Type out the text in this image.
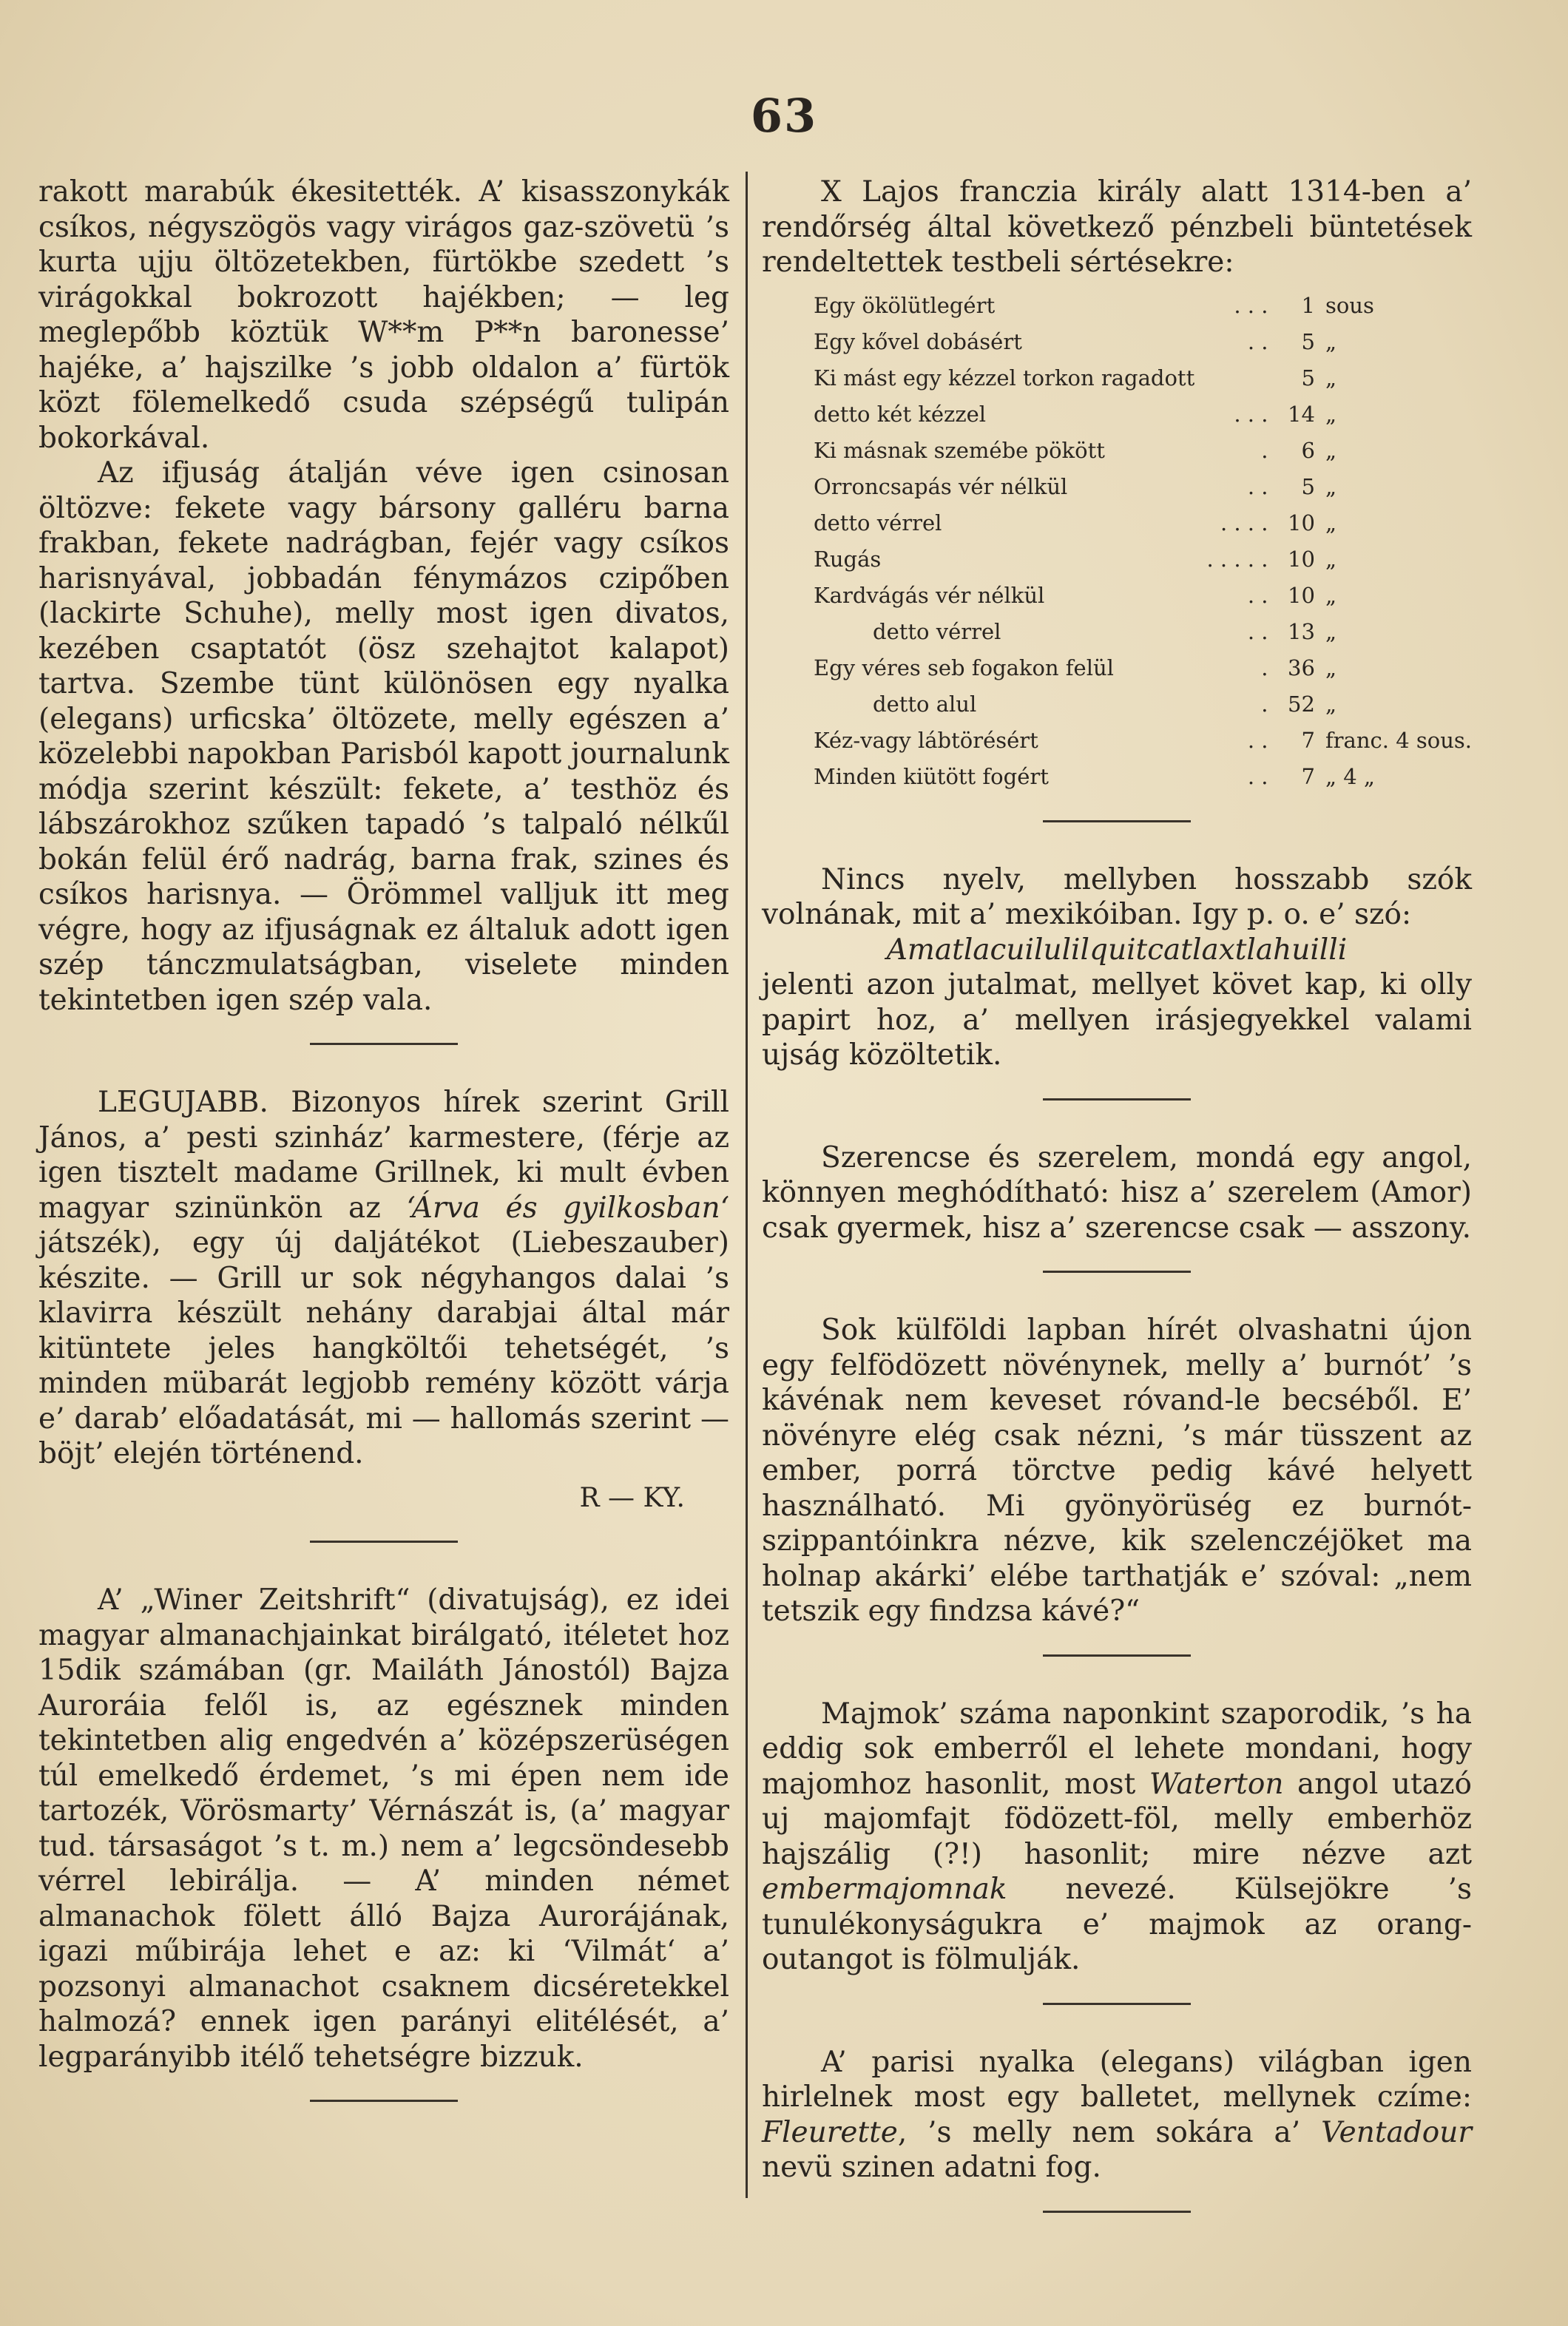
63

rakott marabúk ékesitették. A’ kisasszonykák csíkos, négyszögös vagy virágos gaz-szövetü ’s kurta ujju öltözetekben, fürtökbe szedett ’s virágokkal bokrozott hajékben; — leg meglepőbb köztük W**m P**n baronesse’ hajéke, a’ hajszilke ’s jobb oldalon a’ fürtök közt fölemelkedő csuda szépségű tulipán bokorkával.

Az ifjuság átalján véve igen csinosan öltözve: fekete vagy bársony galléru barna frakban, fekete nadrágban, fejér vagy csíkos harisnyával, jobbadán fénymázos czipőben (lackirte Schuhe), melly most igen divatos, kezében csaptatót (ösz szehajtot kalapot) tartva. Szembe tünt különösen egy nyalka (elegans) urficska’ öltözete, melly egészen a’ közelebbi napokban Parisból kapott journalunk módja szerint készült: fekete, a’ testhöz és lábszárokhoz szűken tapadó ’s talpaló nélkűl bokán felül érő nadrág, barna frak, szines és csíkos harisnya. — Örömmel valljuk itt meg végre, hogy az ifjuságnak ez általuk adott igen szép tánczmulatságban, viselete minden tekintetben igen szép vala.

LEGUJABB. Bizonyos hírek szerint Grill János, a’ pesti szinház’ karmestere, (férje az igen tisztelt madame Grillnek, ki mult évben magyar szinünkön az ‘Árva és gyilkosban‘ játszék), egy új daljátékot (Liebeszauber) készite. — Grill ur sok négyhangos dalai ’s klavirra készült nehány darabjai által már kitüntete jeles hangköltői tehetségét, ’s minden mübarát legjobb remény között várja e’ darab’ előadatását, mi — hallomás szerint — böjt’ elején történend.

R — KY.

A’ „Winer Zeitshrift“ (divatujság), ez idei magyar almanachjainkat birálgató, itéletet hoz 15dik számában (gr. Mailáth Jánostól) Bajza Auroráia felől is, az egésznek minden tekintetben alig engedvén a’ középszerüségen túl emelkedő érdemet, ’s mi épen nem ide tartozék, Vörösmarty’ Vérnászát is, (a’ magyar tud. társaságot ’s t. m.) nem a’ legcsöndesebb vérrel lebirálja. — A’ minden német almanachok fölett álló Bajza Aurorájának, igazi műbirája lehet e az: ki ‘Vilmát‘ a’ pozsonyi almanachot csaknem dicséretekkel halmozá? ennek igen parányi elitélését, a’ legparányibb itélő tehetségre bizzuk.

X Lajos franczia király alatt 1314-ben a’ rendőrség által következő pénzbeli büntetések rendeltettek testbeli sértésekre:

Egy ökölütlegért	. . .	1	sous
Egy kővel dobásért	. .	5	„
Ki mást egy kézzel torkon ragadott		5	„
detto két kézzel	. . .	14	„
Ki másnak szemébe pökött	.	6	„
Orroncsapás vér nélkül	. .	5	„
detto vérrel	. . . .	10	„
Rugás	. . . . .	10	„
Kardvágás vér nélkül	. .	10	„
detto vérrel	. .	13	„
Egy véres seb fogakon felül	.	36	„
detto alul	.	52	„
Kéz-vagy lábtörésért	. .	7	franc. 4 sous.
Minden kiütött fogért	. .	7	„ 4 „

Nincs nyelv, mellyben hosszabb szók volnának, mit a’ mexikóiban. Igy p. o. e’ szó:

Amatlacuilulilquitcatlaxtlahuilli

jelenti azon jutalmat, mellyet követ kap, ki olly papirt hoz, a’ mellyen irásjegyekkel valami ujság közöltetik.

Szerencse és szerelem, mondá egy angol, könnyen meghódítható: hisz a’ szerelem (Amor) csak gyermek, hisz a’ szerencse csak — asszony.

Sok külföldi lapban hírét olvashatni újon egy felfödözett növénynek, melly a’ burnót’ ’s kávénak nem keveset róvand-le becséből. E’ növényre elég csak nézni, ’s már tüsszent az ember, porrá törctve pedig kávé helyett használható. Mi gyönyörüség ez burnót-szippantóinkra nézve, kik szelenczéjöket ma holnap akárki’ elébe tarthatják e’ szóval: „nem tetszik egy findzsa kávé?“

Majmok’ száma naponkint szaporodik, ’s ha eddig sok emberről el lehete mondani, hogy majomhoz hasonlit, most Waterton angol utazó uj majomfajt födözett-föl, melly emberhöz hajszálig (?!) hasonlit; mire nézve azt embermajomnak nevezé. Külsejökre ’s tunulékonyságukra e’ majmok az orang-outangot is fölmulják.

A’ parisi nyalka (elegans) világban igen hirlelnek most egy balletet, mellynek czíme: Fleurette, ’s melly nem sokára a’ Ventadour nevü szinen adatni fog.
